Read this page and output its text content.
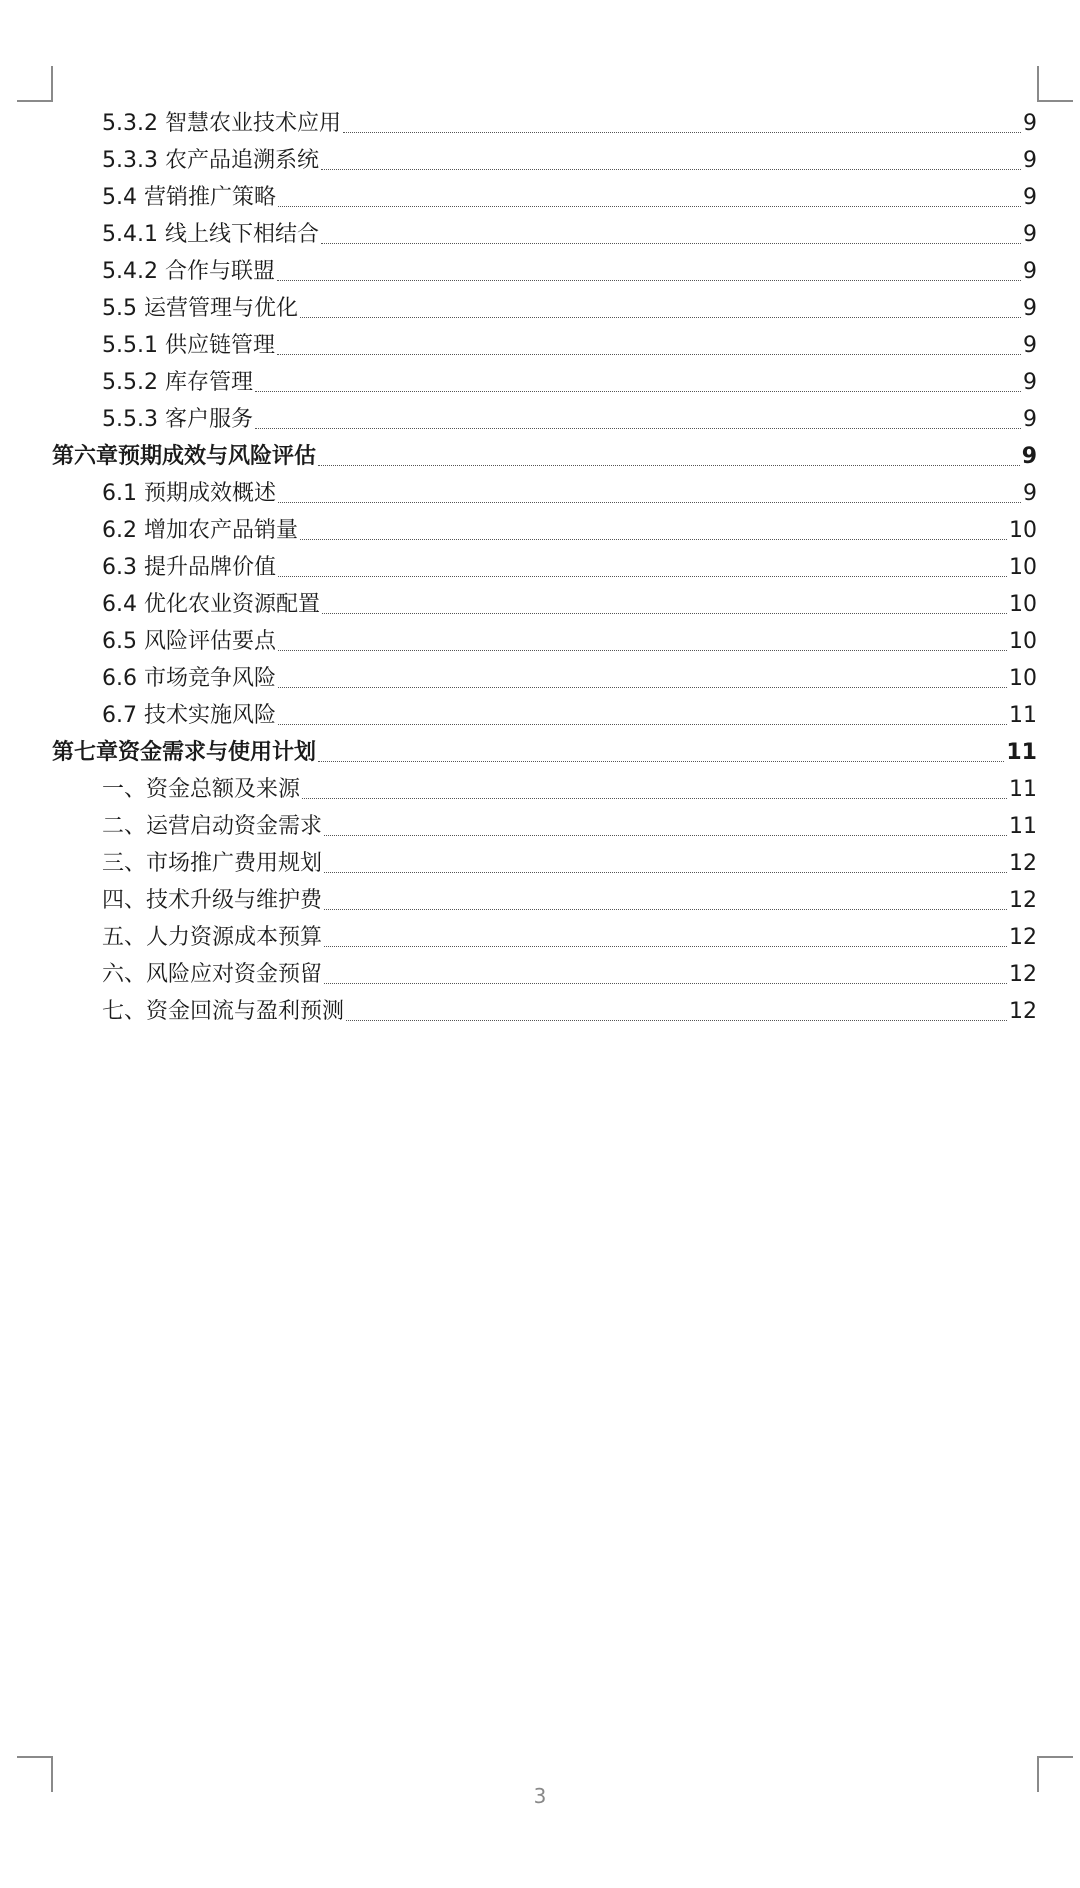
5.3.2 智慧农业技术应用	9
5.3.3 农产品追溯系统	9
5.4 营销推广策略	9
5.4.1 线上线下相结合	9
5.4.2 合作与联盟	9
5.5 运营管理与优化	9
5.5.1 供应链管理	9
5.5.2 库存管理	9
5.5.3 客户服务	9
第六章预期成效与风险评估	9
6.1 预期成效概述	9
6.2 增加农产品销量	10
6.3 提升品牌价值	10
6.4 优化农业资源配置	10
6.5 风险评估要点	10
6.6 市场竞争风险	10
6.7 技术实施风险	11
第七章资金需求与使用计划	11
一、资金总额及来源	11
二、运营启动资金需求	11
三、市场推广费用规划	12
四、技术升级与维护费	12
五、人力资源成本预算	12
六、风险应对资金预留	12
七、资金回流与盈利预测	12
3
